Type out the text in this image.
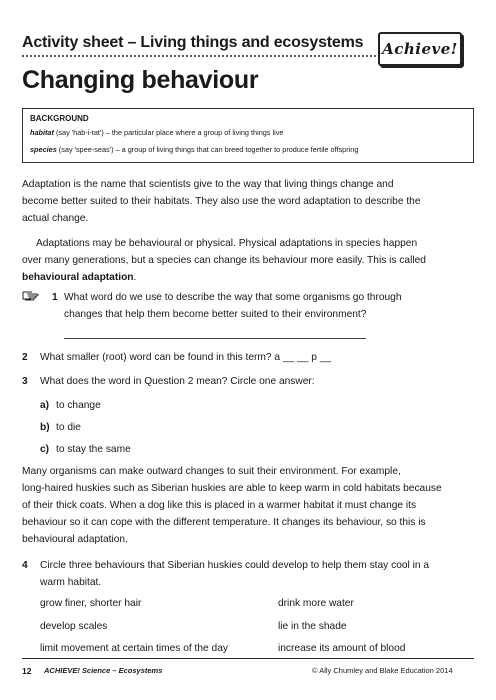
Activity sheet – Living things and ecosystems Achieve!
Changing behaviour
BACKGROUND
habitat (say 'hab-i-tat') – the particular place where a group of living things live
species (say 'spee-seas') – a group of living things that can breed together to produce fertile offspring
Adaptation is the name that scientists give to the way that living things change and
become better suited to their habitats. They also use the word adaptation to describe the
actual change.
Adaptations may be behavioural or physical. Physical adaptations in species happen
over many generations, but a species can change its behaviour more easily. This is called
behavioural adaptation.
1 What word do we use to describe the way that some organisms go through
changes that help them become better suited to their environment?
2 What smaller (root) word can be found in this term? a __ __ p __
3 What does the word in Question 2 mean? Circle one answer:
a) to change
b) to die
c) to stay the same
Many organisms can make outward changes to suit their environment. For example,
long-haired huskies such as Siberian huskies are able to keep warm in cold habitats because
of their thick coats. When a dog like this is placed in a warmer habitat it must change its
behaviour so it can cope with the different temperature. It changes its behaviour, so this is
behavioural adaptation.
4 Circle three behaviours that Siberian huskies could develop to help them stay cool in a
warm habitat.
grow finer, shorter hair
develop scales
limit movement at certain times of the day
drink more water
lie in the shade
increase its amount of blood
12 ACHIEVE! Science – Ecosystems	© Ally Chumley and Blake Education 2014
